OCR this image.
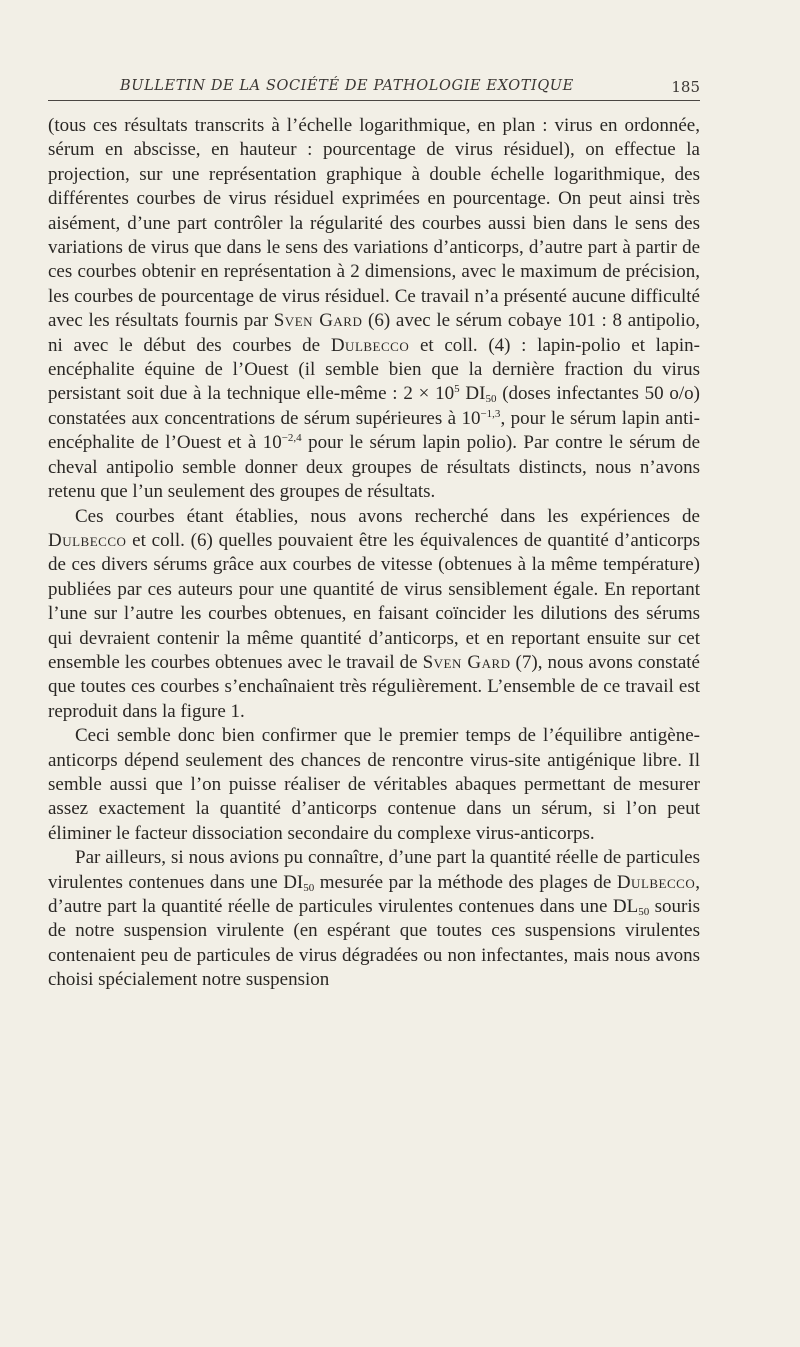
BULLETIN DE LA SOCIÉTÉ DE PATHOLOGIE EXOTIQUE	185

(tous ces résultats transcrits à l’échelle logarithmique, en plan : virus en ordonnée, sérum en abscisse, en hauteur : pourcentage de virus résiduel), on effectue la projection, sur une représentation graphique à double échelle logarithmique, des différentes courbes de virus résiduel exprimées en pourcentage. On peut ainsi très aisément, d’une part contrôler la régularité des courbes aussi bien dans le sens des variations de virus que dans le sens des variations d’anticorps, d’autre part à partir de ces courbes obtenir en représentation à 2 dimensions, avec le maximum de précision, les courbes de pourcentage de virus résiduel. Ce travail n’a présenté aucune difficulté avec les résultats fournis par Sven Gard (6) avec le sérum cobaye 101 : 8 antipolio, ni avec le début des courbes de Dulbecco et coll. (4) : lapin-polio et lapin-encéphalite équine de l’Ouest (il semble bien que la dernière fraction du virus persistant soit due à la technique elle-même : $2 \times 10^5$ $DI_{50}$ (doses infectantes 50 o/o) constatées aux concentrations de sérum supérieures à $10^{-1,3}$, pour le sérum lapin anti-encéphalite de l’Ouest et à $10^{-2,4}$ pour le sérum lapin polio). Par contre le sérum de cheval antipolio semble donner deux groupes de résultats distincts, nous n’avons retenu que l’un seulement des groupes de résultats.

Ces courbes étant établies, nous avons recherché dans les expériences de Dulbecco et coll. (6) quelles pouvaient être les équivalences de quantité d’anticorps de ces divers sérums grâce aux courbes de vitesse (obtenues à la même température) publiées par ces auteurs pour une quantité de virus sensiblement égale. En reportant l’une sur l’autre les courbes obtenues, en faisant coïncider les dilutions des sérums qui devraient contenir la même quantité d’anticorps, et en reportant ensuite sur cet ensemble les courbes obtenues avec le travail de Sven Gard (7), nous avons constaté que toutes ces courbes s’enchaînaient très régulièrement. L’ensemble de ce travail est reproduit dans la figure 1.

Ceci semble donc bien confirmer que le premier temps de l’équilibre antigène-anticorps dépend seulement des chances de rencontre virus-site antigénique libre. Il semble aussi que l’on puisse réaliser de véritables abaques permettant de mesurer assez exactement la quantité d’anticorps contenue dans un sérum, si l’on peut éliminer le facteur dissociation secondaire du complexe virus-anticorps.

Par ailleurs, si nous avions pu connaître, d’une part la quantité réelle de particules virulentes contenues dans une $DI_{50}$ mesurée par la méthode des plages de Dulbecco, d’autre part la quantité réelle de particules virulentes contenues dans une $DL_{50}$ souris de notre suspension virulente (en espérant que toutes ces suspensions virulentes contenaient peu de particules de virus dégradées ou non infectantes, mais nous avons choisi spécialement notre suspension
